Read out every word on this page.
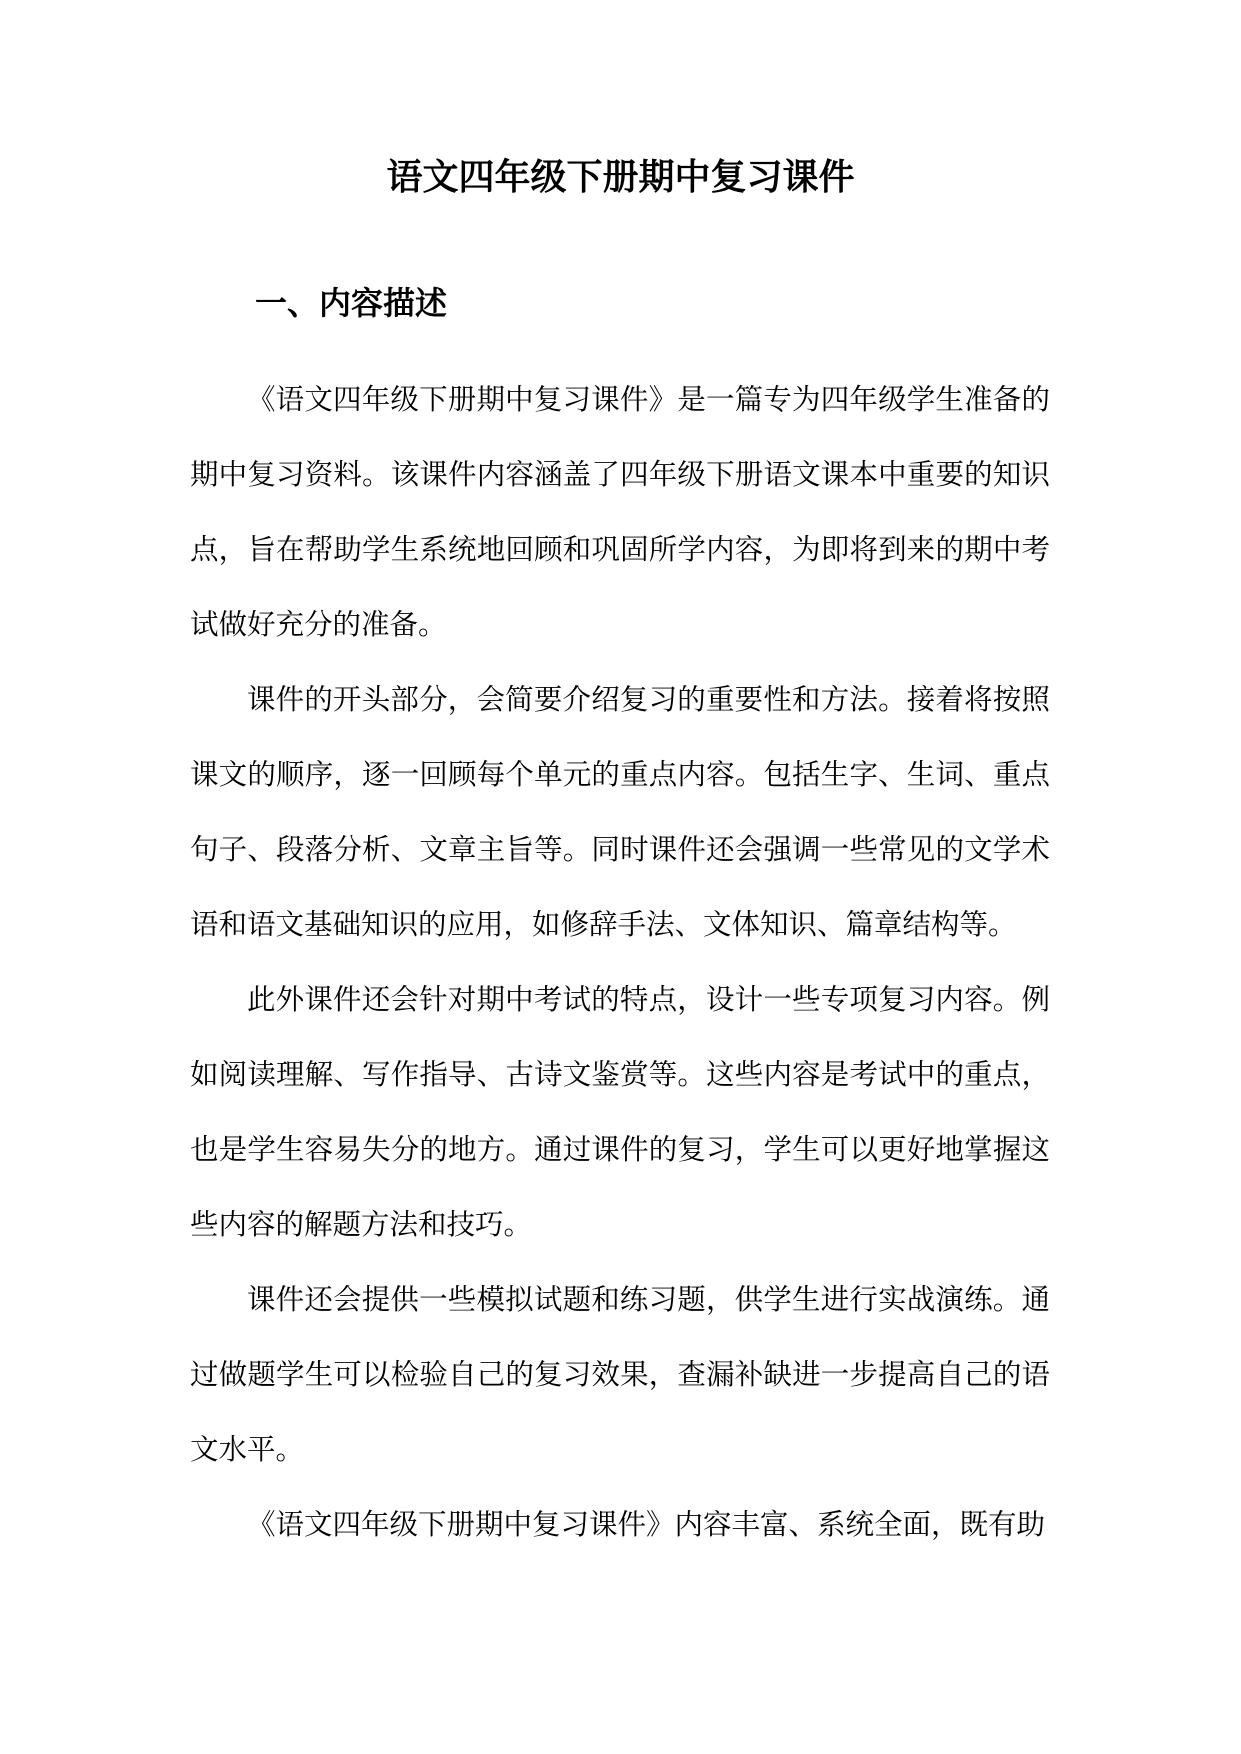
语文四年级下册期中复习课件
一、内容描述

《语文四年级下册期中复习课件》是一篇专为四年级学生准备的期中复习资料。该课件内容涵盖了四年级下册语文课本中重要的知识点，旨在帮助学生系统地回顾和巩固所学内容，为即将到来的期中考试做好充分的准备。

课件的开头部分，会简要介绍复习的重要性和方法。接着将按照课文的顺序，逐一回顾每个单元的重点内容。包括生字、生词、重点句子、段落分析、文章主旨等。同时课件还会强调一些常见的文学术语和语文基础知识的应用，如修辞手法、文体知识、篇章结构等。

此外课件还会针对期中考试的特点，设计一些专项复习内容。例如阅读理解、写作指导、古诗文鉴赏等。这些内容是考试中的重点，也是学生容易失分的地方。通过课件的复习，学生可以更好地掌握这些内容的解题方法和技巧。

课件还会提供一些模拟试题和练习题，供学生进行实战演练。通过做题学生可以检验自己的复习效果，查漏补缺进一步提高自己的语文水平。

《语文四年级下册期中复习课件》内容丰富、系统全面，既有助
